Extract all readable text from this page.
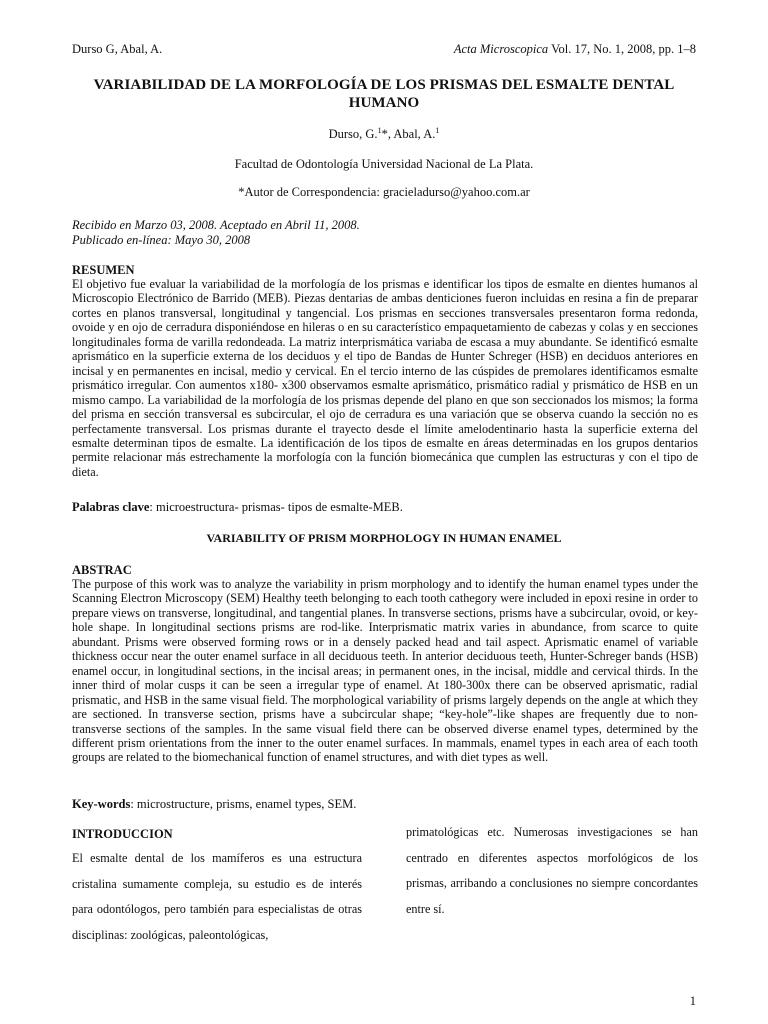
Durso G, Abal, A.	Acta Microscopica Vol. 17, No. 1, 2008, pp. 1–8
VARIABILIDAD DE LA MORFOLOGÍA DE LOS PRISMAS DEL ESMALTE DENTAL HUMANO
Durso, G.$^1$*, Abal, A.$^1$
Facultad de Odontología Universidad Nacional de La Plata.
*Autor de Correspondencia: gracieladurso@yahoo.com.ar
Recibido en Marzo 03, 2008. Aceptado en Abril 11, 2008.
Publicado en-línea: Mayo 30, 2008
RESUMEN
El objetivo fue evaluar la variabilidad de la morfología de los prismas e identificar los tipos de esmalte en dientes humanos al Microscopio Electrónico de Barrido (MEB). Piezas dentarias de ambas denticiones fueron incluidas en resina a fin de preparar cortes en planos transversal, longitudinal y tangencial. Los prismas en secciones transversales presentaron forma redonda, ovoide y en ojo de cerradura disponiéndose en hileras o en su característico empaquetamiento de cabezas y colas y en secciones longitudinales forma de varilla redondeada. La matriz interprismática variaba de escasa a muy abundante. Se identificó esmalte aprismático en la superficie externa de los deciduos y el tipo de Bandas de Hunter Schreger (HSB) en deciduos anteriores en incisal y en permanentes en incisal, medio y cervical. En el tercio interno de las cúspides de premolares identificamos esmalte prismático irregular. Con aumentos x180- x300 observamos esmalte aprismático, prismático radial y prismático de HSB en un mismo campo. La variabilidad de la morfología de los prismas depende del plano en que son seccionados los mismos; la forma del prisma en sección transversal es subcircular, el ojo de cerradura es una variación que se observa cuando la sección no es perfectamente transversal. Los prismas durante el trayecto desde el límite amelodentinario hasta la superficie externa del esmalte determinan tipos de esmalte. La identificación de los tipos de esmalte en áreas determinadas en los grupos dentarios permite relacionar más estrechamente la morfología con la función biomecánica que cumplen las estructuras y con el tipo de dieta.
Palabras clave: microestructura- prismas- tipos de esmalte-MEB.
VARIABILITY OF PRISM MORPHOLOGY IN HUMAN ENAMEL
ABSTRAC
The purpose of this work was to analyze the variability in prism morphology and to identify the human enamel types under the Scanning Electron Microscopy (SEM) Healthy teeth belonging to each tooth cathegory were included in epoxi resine in order to prepare views on transverse, longitudinal, and tangential planes. In transverse sections, prisms have a subcircular, ovoid, or key-hole shape. In longitudinal sections prisms are rod-like. Interprismatic matrix varies in abundance, from scarce to quite abundant. Prisms were observed forming rows or in a densely packed head and tail aspect. Aprismatic enamel of variable thickness occur near the outer enamel surface in all deciduous teeth. In anterior deciduous teeth, Hunter-Schreger bands (HSB) enamel occur, in longitudinal sections, in the incisal areas; in permanent ones, in the incisal, middle and cervical thirds. In the inner third of molar cusps it can be seen a irregular type of enamel. At 180-300x there can be observed aprismatic, radial prismatic, and HSB in the same visual field. The morphological variability of prisms largely depends on the angle at which they are sectioned. In transverse section, prisms have a subcircular shape; “key-hole”-like shapes are frequently due to non-transverse sections of the samples. In the same visual field there can be observed diverse enamel types, determined by the different prism orientations from the inner to the outer enamel surfaces. In mammals, enamel types in each area of each tooth groups are related to the biomechanical function of enamel structures, and with diet types as well.
Key-words: microstructure, prisms, enamel types, SEM.
INTRODUCCION
El esmalte dental de los mamíferos es una estructura cristalina sumamente compleja, su estudio es de interés para odontólogos, pero también para especialistas de otras disciplinas: zoológicas, paleontológicas,
primatológicas etc. Numerosas investigaciones se han centrado en diferentes aspectos morfológicos de los prismas, arribando a conclusiones no siempre concordantes entre sí.
1
